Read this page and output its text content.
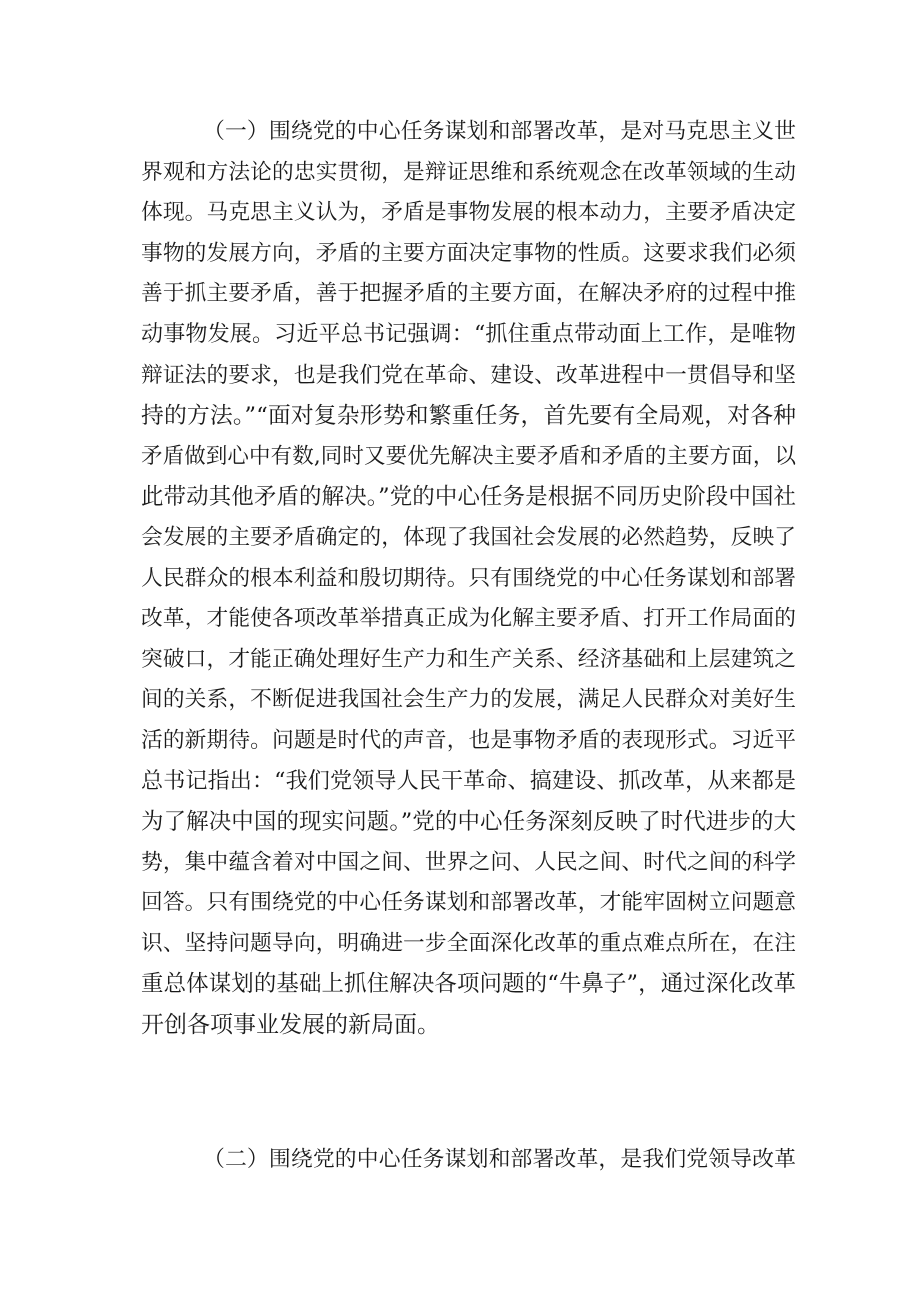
（一）围绕党的中心任务谋划和部署改革，是对马克思主义世
界观和方法论的忠实贯彻，是辩证思维和系统观念在改革领域的生动
体现。马克思主义认为，矛盾是事物发展的根本动力，主要矛盾决定
事物的发展方向，矛盾的主要方面决定事物的性质。这要求我们必须
善于抓主要矛盾，善于把握矛盾的主要方面，在解决矛府的过程中推
动事物发展。习近平总书记强调：“抓住重点带动面上工作，是唯物
辩证法的要求，也是我们党在革命、建设、改革进程中一贯倡导和坚
持的方法。”“面对复杂形势和繁重任务，首先要有全局观，对各种
矛盾做到心中有数,同时又要优先解决主要矛盾和矛盾的主要方面，以
此带动其他矛盾的解决。”党的中心任务是根据不同历史阶段中国社
会发展的主要矛盾确定的，体现了我国社会发展的必然趋势，反映了
人民群众的根本利益和殷切期待。只有围绕党的中心任务谋划和部署
改革，才能使各项改革举措真正成为化解主要矛盾、打开工作局面的
突破口，才能正确处理好生产力和生产关系、经济基础和上层建筑之
间的关系，不断促进我国社会生产力的发展，满足人民群众对美好生
活的新期待。问题是时代的声音，也是事物矛盾的表现形式。习近平
总书记指出：“我们党领导人民干革命、搞建设、抓改革，从来都是
为了解决中国的现实问题。”党的中心任务深刻反映了时代进步的大
势，集中蕴含着对中国之间、世界之问、人民之间、时代之间的科学
回答。只有围绕党的中心任务谋划和部署改革，才能牢固树立问题意
识、坚持问题导向，明确进一步全面深化改革的重点难点所在，在注
重总体谋划的基础上抓住解决各项问题的“牛鼻子”，通过深化改革
开创各项事业发展的新局面。
（二）围绕党的中心任务谋划和部署改革，是我们党领导改革
